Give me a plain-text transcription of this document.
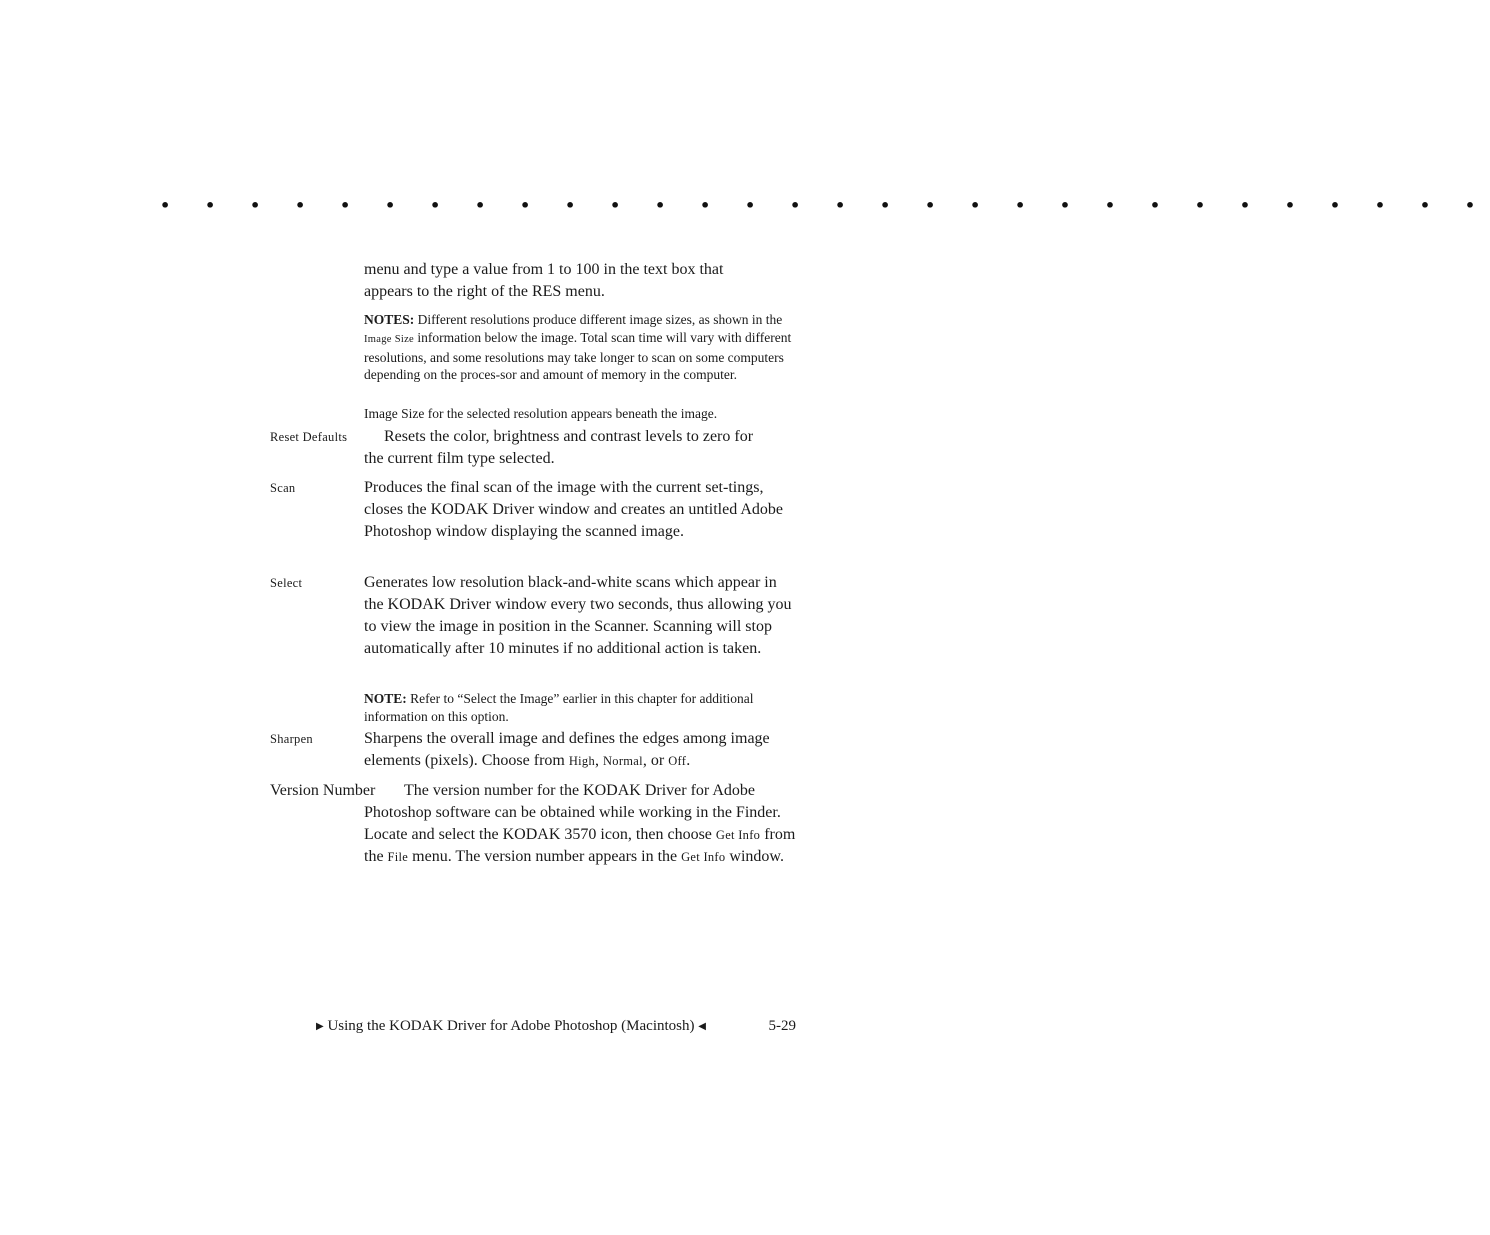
• • • • • • • • • • • • • • • • • • • • • • • • • • • • • •

menu and type a value from 1 to 100 in the text box that

appears to the right of the RES menu.

NOTES: Different resolutions produce different image sizes, as shown in the Image Size information below the image. Total scan time will vary with different resolutions, and some resolutions may take longer to scan on some computers depending on the proces-sor and amount of memory in the computer.

Image Size for the selected resolution appears beneath the image.

Reset Defaults Resets the color, brightness and contrast levels to zero for

the current film type selected.

Scan	Produces the final scan of the image with the current set-tings, closes the KODAK Driver window and creates an untitled Adobe Photoshop window displaying the scanned image.

Select	Generates low resolution black-and-white scans which appear in the KODAK Driver window every two seconds, thus allowing you to view the image in position in the Scanner. Scanning will stop automatically after 10 minutes if no additional action is taken.

NOTE: Refer to “Select the Image” earlier in this chapter for additional information on this option.

Sharpen	Sharpens the overall image and defines the edges among image elements (pixels). Choose from High, Normal, or Off.

Version Number The version number for the KODAK Driver for Adobe

Photoshop software can be obtained while working in the Finder. Locate and select the KODAK 3570 icon, then choose Get Info from the File menu. The version number appears in the Get Info window.

▶ Using the KODAK Driver for Adobe Photoshop (Macintosh) ◀	5-29
